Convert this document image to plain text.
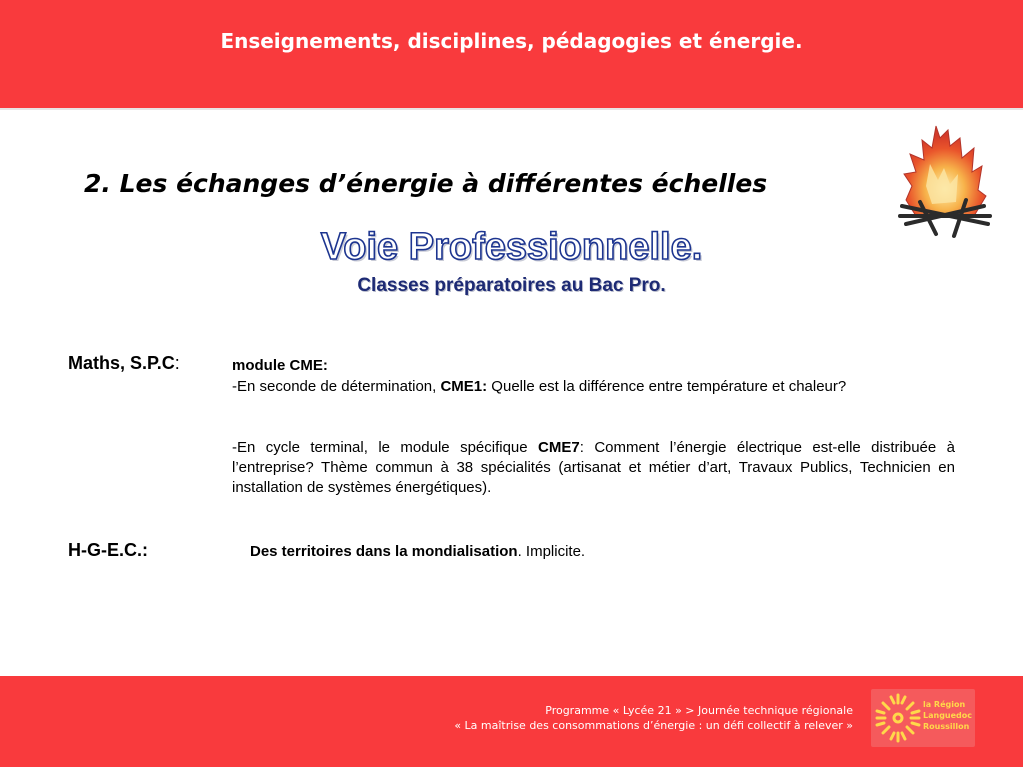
Enseignements, disciplines, pédagogies et énergie.
2. Les échanges d’énergie à différentes échelles
Voie Professionnelle.
Classes préparatoires au Bac Pro.
Maths, S.P.C:	module CME:
-En seconde de détermination, CME1: Quelle est la différence entre température et chaleur?
-En cycle terminal, le module spécifique CME7: Comment l’énergie électrique est-elle distribuée à l’entreprise? Thème commun à 38 spécialités (artisanat et métier d’art, Travaux Publics, Technicien en installation de systèmes énergétiques).
H-G-E.C.:	Des territoires dans la mondialisation. Implicite.
Programme « Lycée 21 » > Journée technique régionale
« La maîtrise des consommations d’énergie : un défi collectif à relever »
la Région
Languedoc
Roussillon
